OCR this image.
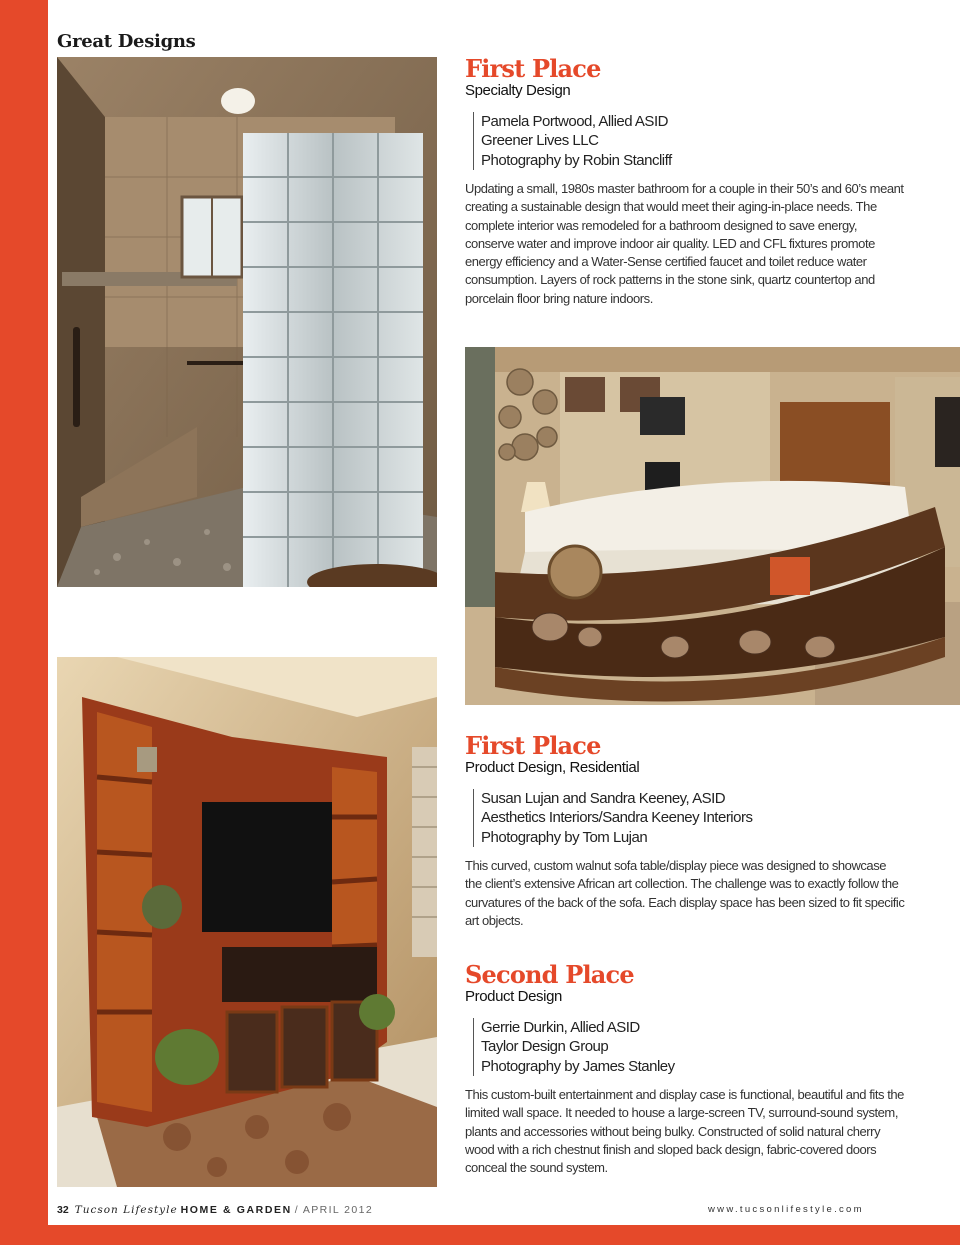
Great Designs
First Place
Specialty Design
Pamela Portwood, Allied ASID
Greener Lives LLC
Photography by Robin Stancliff
Updating a small, 1980s master bathroom for a couple in their 50’s and 60’s meant creating a sustainable design that would meet their aging-in-place needs. The complete interior was remodeled for a bathroom designed to save energy, conserve water and improve indoor air quality. LED and CFL fixtures promote energy efficiency and a Water-Sense certified faucet and toilet reduce water consumption. Layers of rock patterns in the stone sink, quartz countertop and porcelain floor bring nature indoors.
First Place
Product Design, Residential
Susan Lujan and Sandra Keeney, ASID
Aesthetics Interiors/Sandra Keeney Interiors
Photography by Tom Lujan
This curved, custom walnut sofa table/display piece was designed to showcase the client’s extensive African art collection. The challenge was to exactly follow the curvatures of the back of the sofa. Each display space has been sized to fit specific art objects.
Second Place
Product Design
Gerrie Durkin, Allied ASID
Taylor Design Group
Photography by James Stanley
This custom-built entertainment and display case is functional, beautiful and fits the limited wall space. It needed to house a large-screen TV, surround-sound system, plants and accessories without being bulky. Constructed of solid natural cherry wood with a rich chestnut finish and sloped back design, fabric-covered doors conceal the sound system.
32 Tucson Lifestyle HOME & GARDEN / APRIL 2012	www.tucsonlifestyle.com
